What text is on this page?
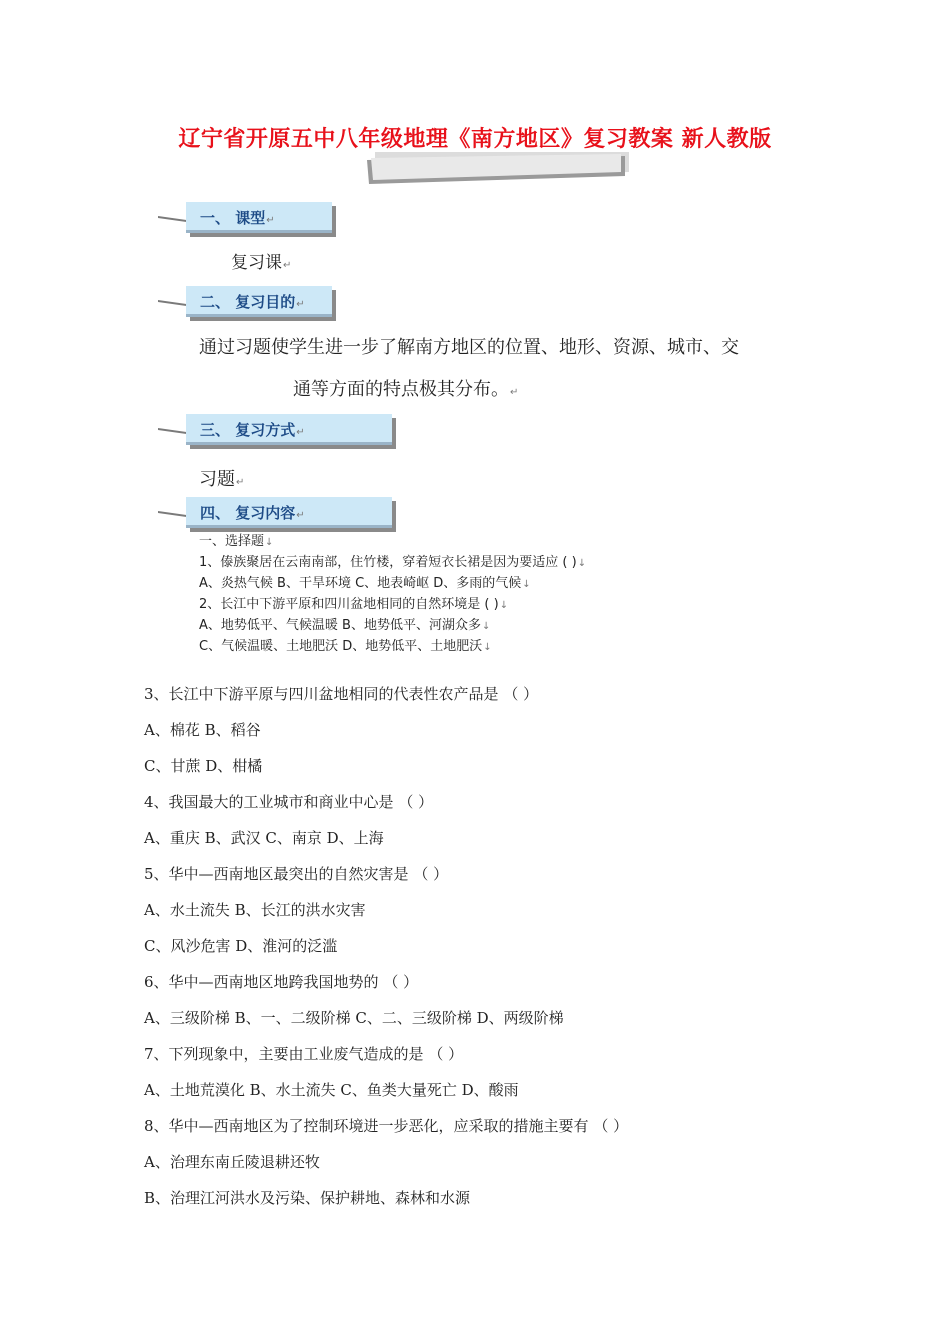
辽宁省开原五中八年级地理《南方地区》复习教案 新人教版
一、 课型↵
复习课↵
二、 复习目的↵
通过习题使学生进一步了解南方地区的位置、地形、资源、城市、交
通等方面的特点极其分布。↵
三、 复习方式↵
习题↵
四、 复习内容↵
一、选择题↓
1、傣族聚居在云南南部，住竹楼，穿着短衣长裙是因为要适应 ( )↓
A、炎热气候 B、干旱环境 C、地表崎岖 D、多雨的气候↓
2、长江中下游平原和四川盆地相同的自然环境是 ( )↓
A、地势低平、气候温暖 B、地势低平、河湖众多↓
C、气候温暖、土地肥沃 D、地势低平、土地肥沃↓
3、长江中下游平原与四川盆地相同的代表性农产品是 （ ）
A、棉花 B、稻谷
C、甘蔗 D、柑橘
4、我国最大的工业城市和商业中心是 （ ）
A、重庆 B、武汉 C、南京 D、上海
5、华中—西南地区最突出的自然灾害是 （ ）
A、水土流失 B、长江的洪水灾害
C、风沙危害 D、淮河的泛滥
6、华中—西南地区地跨我国地势的 （ ）
A、三级阶梯 B、一、二级阶梯 C、二、三级阶梯 D、两级阶梯
7、下列现象中，主要由工业废气造成的是 （ ）
A、土地荒漠化 B、水土流失 C、鱼类大量死亡 D、酸雨
8、华中—西南地区为了控制环境进一步恶化，应采取的措施主要有 （ ）
A、治理东南丘陵退耕还牧
B、治理江河洪水及污染、保护耕地、森林和水源
